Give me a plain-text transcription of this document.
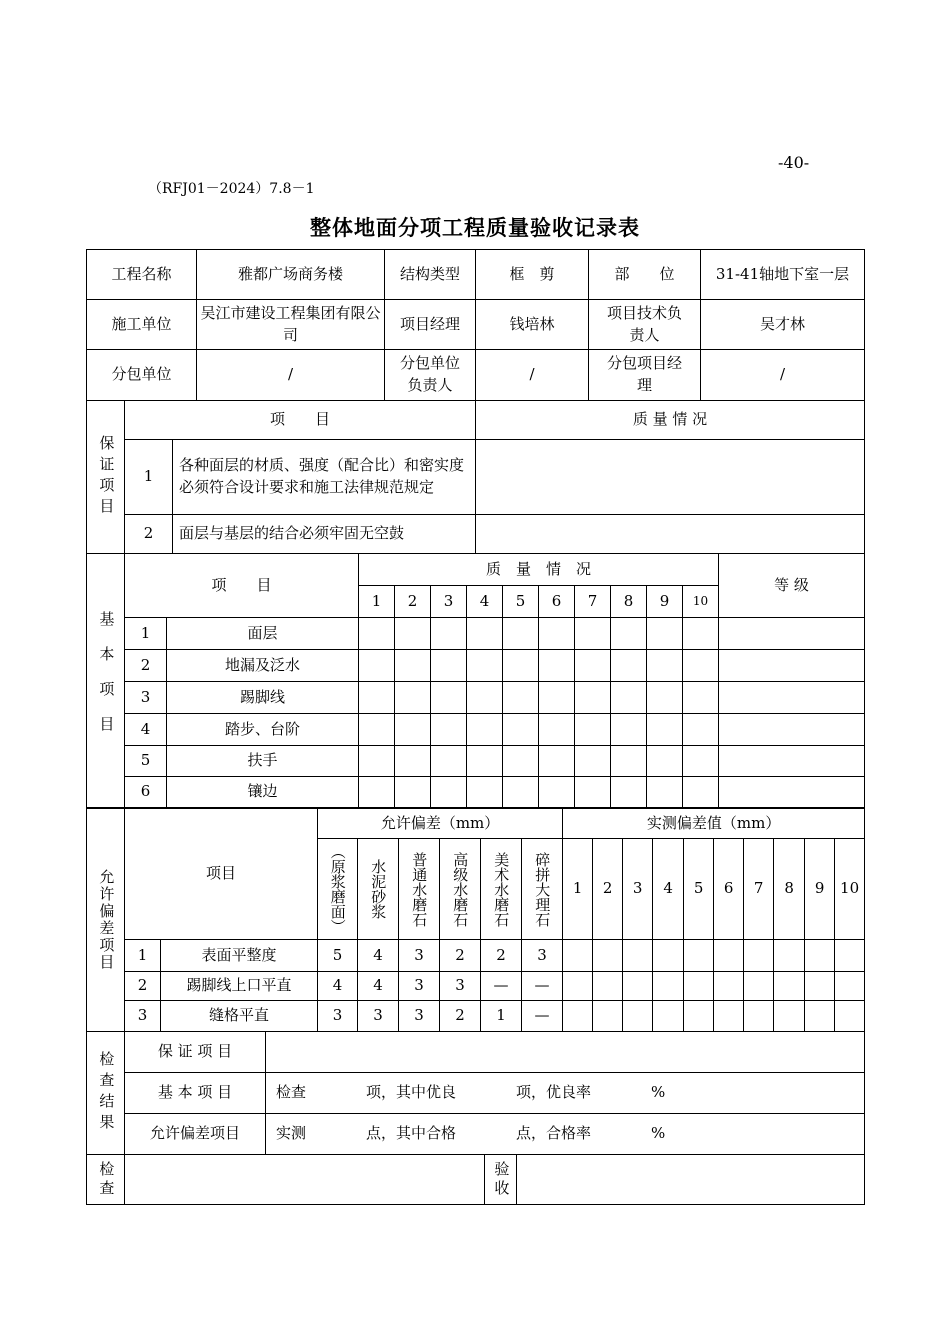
-40-
（RFJ01－2024）7.8－1
整体地面分项工程质量验收记录表
工程名称	雅都广场商务楼	结构类型	框　剪	部　　位	31-41轴地下室一层
施工单位	吴江市建设工程集团有限公司	项目经理	钱培林	项目技术负责人	吴才林
分包单位	/	分包单位负责人	/	分包项目经　理	/
保证项目	项　　目		质 量 情 况
	1	各种面层的材质、强度（配合比）和密实度必须符合设计要求和施工法律规范规定	
	2	面层与基层的结合必须牢固无空鼓	
基本项目	项　　目		质　量　情　况										等 级
			1	2	3	4	5	6	7	8	9	10	
	1	面层											
	2	地漏及泛水											
	3	踢脚线											
	4	踏步、台阶											
	5	扶手											
	6	镶边											
允许偏差项目	项目		允许偏差（mm）						实测偏差值（mm）									

			（原浆磨面）	水泥砂浆	普通水磨石	高级水磨石	美术水磨石	碎拼大理石	1	2	3	4	5	6	7	8	9	10
	1	表面平整度	5	4	3	2	2	3										
	2	踢脚线上口平直	4	4	3	3	—	—										
	3	缝格平直	3	3	3	2	1	—										
检查结果	保 证 项 目	
	基 本 项 目	检查　　　　项，其中优良　　　　项，优良率　　　　%
	允许偏差项目	实测　　　　点，其中合格　　　　点，合格率　　　　%
检查		验收
